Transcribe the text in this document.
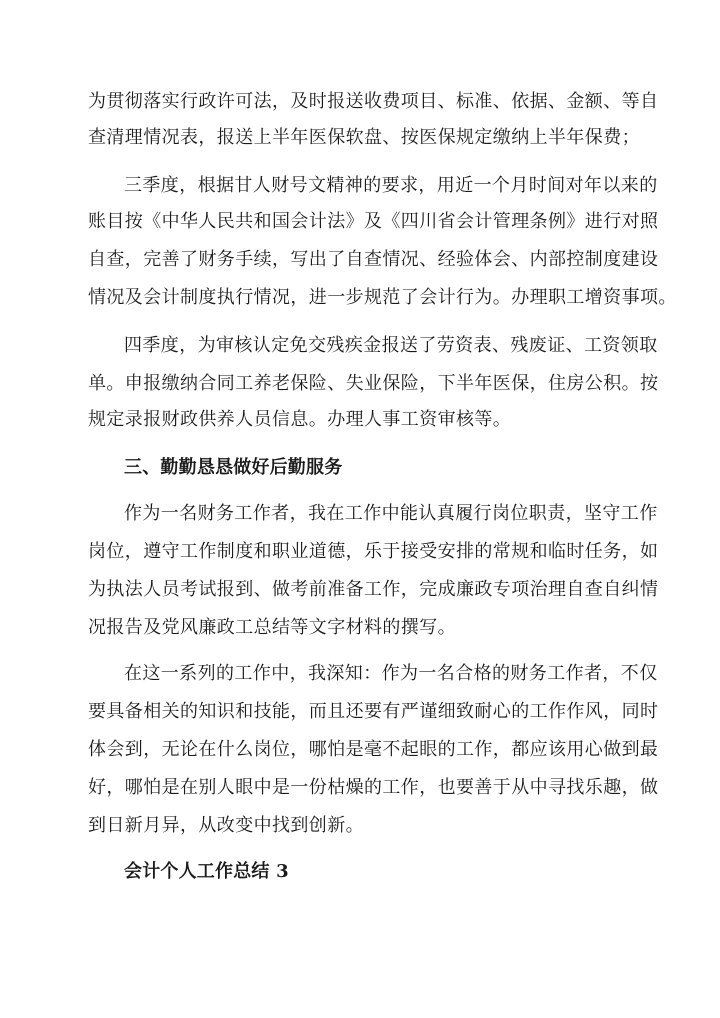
为贯彻落实行政许可法，及时报送收费项目、标准、依据、金额、等自
查清理情况表，报送上半年医保软盘、按医保规定缴纳上半年保费；
三季度，根据甘人财号文精神的要求，用近一个月时间对年以来的
账目按《中华人民共和国会计法》及《四川省会计管理条例》进行对照
自查，完善了财务手续，写出了自查情况、经验体会、内部控制度建设
情况及会计制度执行情况，进一步规范了会计行为。办理职工增资事项。
四季度，为审核认定免交残疾金报送了劳资表、残废证、工资领取
单。申报缴纳合同工养老保险、失业保险，下半年医保，住房公积。按
规定录报财政供养人员信息。办理人事工资审核等。
三、勤勤恳恳做好后勤服务
作为一名财务工作者，我在工作中能认真履行岗位职责，坚守工作
岗位，遵守工作制度和职业道德，乐于接受安排的常规和临时任务，如
为执法人员考试报到、做考前准备工作，完成廉政专项治理自查自纠情
况报告及党风廉政工总结等文字材料的撰写。
在这一系列的工作中，我深知：作为一名合格的财务工作者，不仅
要具备相关的知识和技能，而且还要有严谨细致耐心的工作作风，同时
体会到，无论在什么岗位，哪怕是毫不起眼的工作，都应该用心做到最
好，哪怕是在别人眼中是一份枯燥的工作，也要善于从中寻找乐趣，做
到日新月异，从改变中找到创新。
会计个人工作总结 3
